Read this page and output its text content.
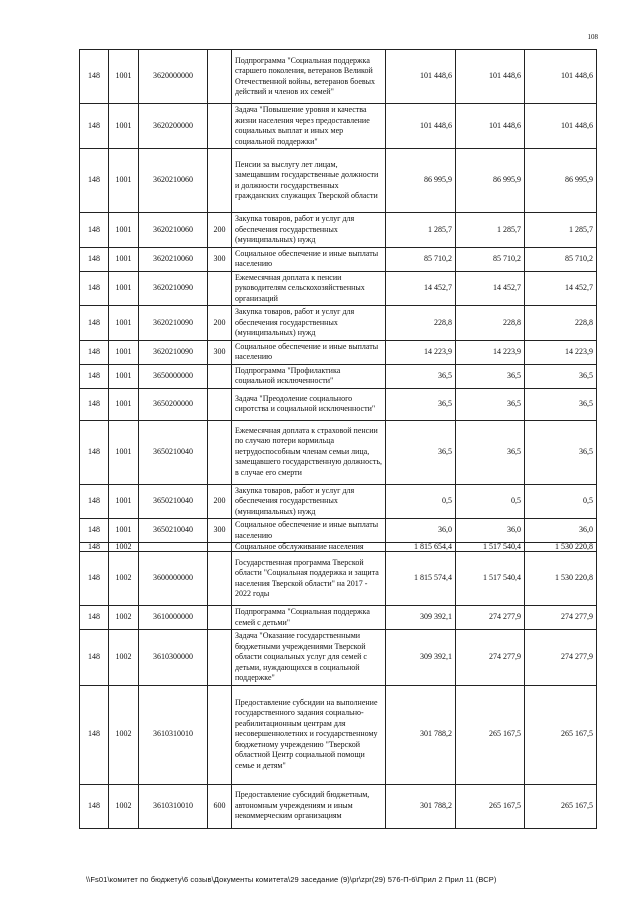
108
148	1001	3620000000		Подпрограмма "Социальная поддержка старшего поколения, ветеранов Великой Отечественной войны, ветеранов боевых действий и членов их семей"	101 448,6	101 448,6	101 448,6
148	1001	3620200000		Задача "Повышение уровня и качества жизни населения через предоставление социальных выплат и иных мер социальной поддержки"	101 448,6	101 448,6	101 448,6
148	1001	3620210060		Пенсии за выслугу лет лицам, замещавшим государственные должности и должности государственных гражданских служащих Тверской области	86 995,9	86 995,9	86 995,9
148	1001	3620210060	200	Закупка товаров, работ и услуг для обеспечения государственных (муниципальных) нужд	1 285,7	1 285,7	1 285,7
148	1001	3620210060	300	Социальное обеспечение и иные выплаты населению	85 710,2	85 710,2	85 710,2
148	1001	3620210090		Ежемесячная доплата к пенсии руководителям сельскохозяйственных организаций	14 452,7	14 452,7	14 452,7
148	1001	3620210090	200	Закупка товаров, работ и услуг для обеспечения государственных (муниципальных) нужд	228,8	228,8	228,8
148	1001	3620210090	300	Социальное обеспечение и иные выплаты населению	14 223,9	14 223,9	14 223,9
148	1001	3650000000		Подпрограмма "Профилактика социальной исключенности"	36,5	36,5	36,5
148	1001	3650200000		Задача "Преодоление социального сиротства и социальной исключенности"	36,5	36,5	36,5
148	1001	3650210040		Ежемесячная доплата к страховой пенсии по случаю потери кормильца нетрудоспособным членам семьи лица, замещавшего государственную должность, в случае его смерти	36,5	36,5	36,5
148	1001	3650210040	200	Закупка товаров, работ и услуг для обеспечения государственных (муниципальных) нужд	0,5	0,5	0,5
148	1001	3650210040	300	Социальное обеспечение и иные выплаты населению	36,0	36,0	36,0
148	1002			Социальное обслуживание населения	1 815 654,4	1 517 540,4	1 530 220,8
148	1002	3600000000		Государственная программа Тверской области "Социальная поддержка и защита населения Тверской области" на 2017 - 2022 годы	1 815 574,4	1 517 540,4	1 530 220,8
148	1002	3610000000		Подпрограмма "Социальная поддержка семей с детьми"	309 392,1	274 277,9	274 277,9
148	1002	3610300000		Задача "Оказание государственными бюджетными учреждениями Тверской области социальных услуг для семей с детьми, нуждающихся в социальной поддержке"	309 392,1	274 277,9	274 277,9
148	1002	3610310010		Предоставление субсидии на выполнение государственного задания социально-реабилитационным центрам для несовершеннолетних и государственному бюджетному учреждению "Тверской областной Центр социальной помощи семье и детям"	301 788,2	265 167,5	265 167,5
148	1002	3610310010	600	Предоставление субсидий бюджетным, автономным учреждениям и иным некоммерческим организациям	301 788,2	265 167,5	265 167,5
\\Fs01\комитет по бюджету\6 созыв\Документы комитета\29 заседание (9)\pr\zpr(29) 576-П-6\Прил 2 Прил 11 (ВСР)
